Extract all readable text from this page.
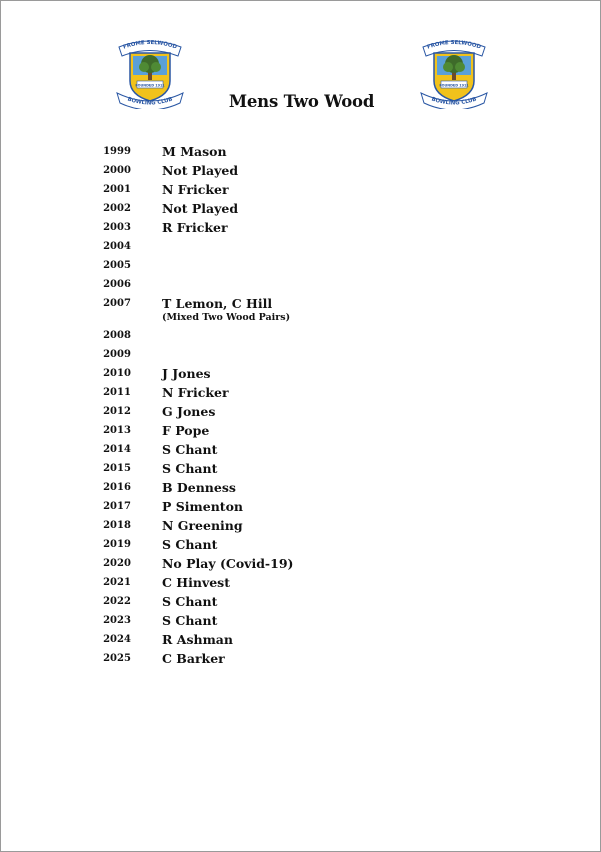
FROME SELWOOD
FOUNDED 1911
BOWLING CLUB
FROME SELWOOD
FOUNDED 1911
BOWLING CLUB
Mens Two Wood
1999	M Mason
2000	Not Played
2001	N Fricker
2002	Not Played
2003	R Fricker
2004
2005
2006
2007	T Lemon, C Hill
(Mixed Two Wood Pairs)
2008
2009
2010	J Jones
2011	N Fricker
2012	G Jones
2013	F Pope
2014	S Chant
2015	S Chant
2016	B Denness
2017	P Simenton
2018	N Greening
2019	S Chant
2020	No Play (Covid-19)
2021	C Hinvest
2022	S Chant
2023	S Chant
2024	R Ashman
2025	C Barker
